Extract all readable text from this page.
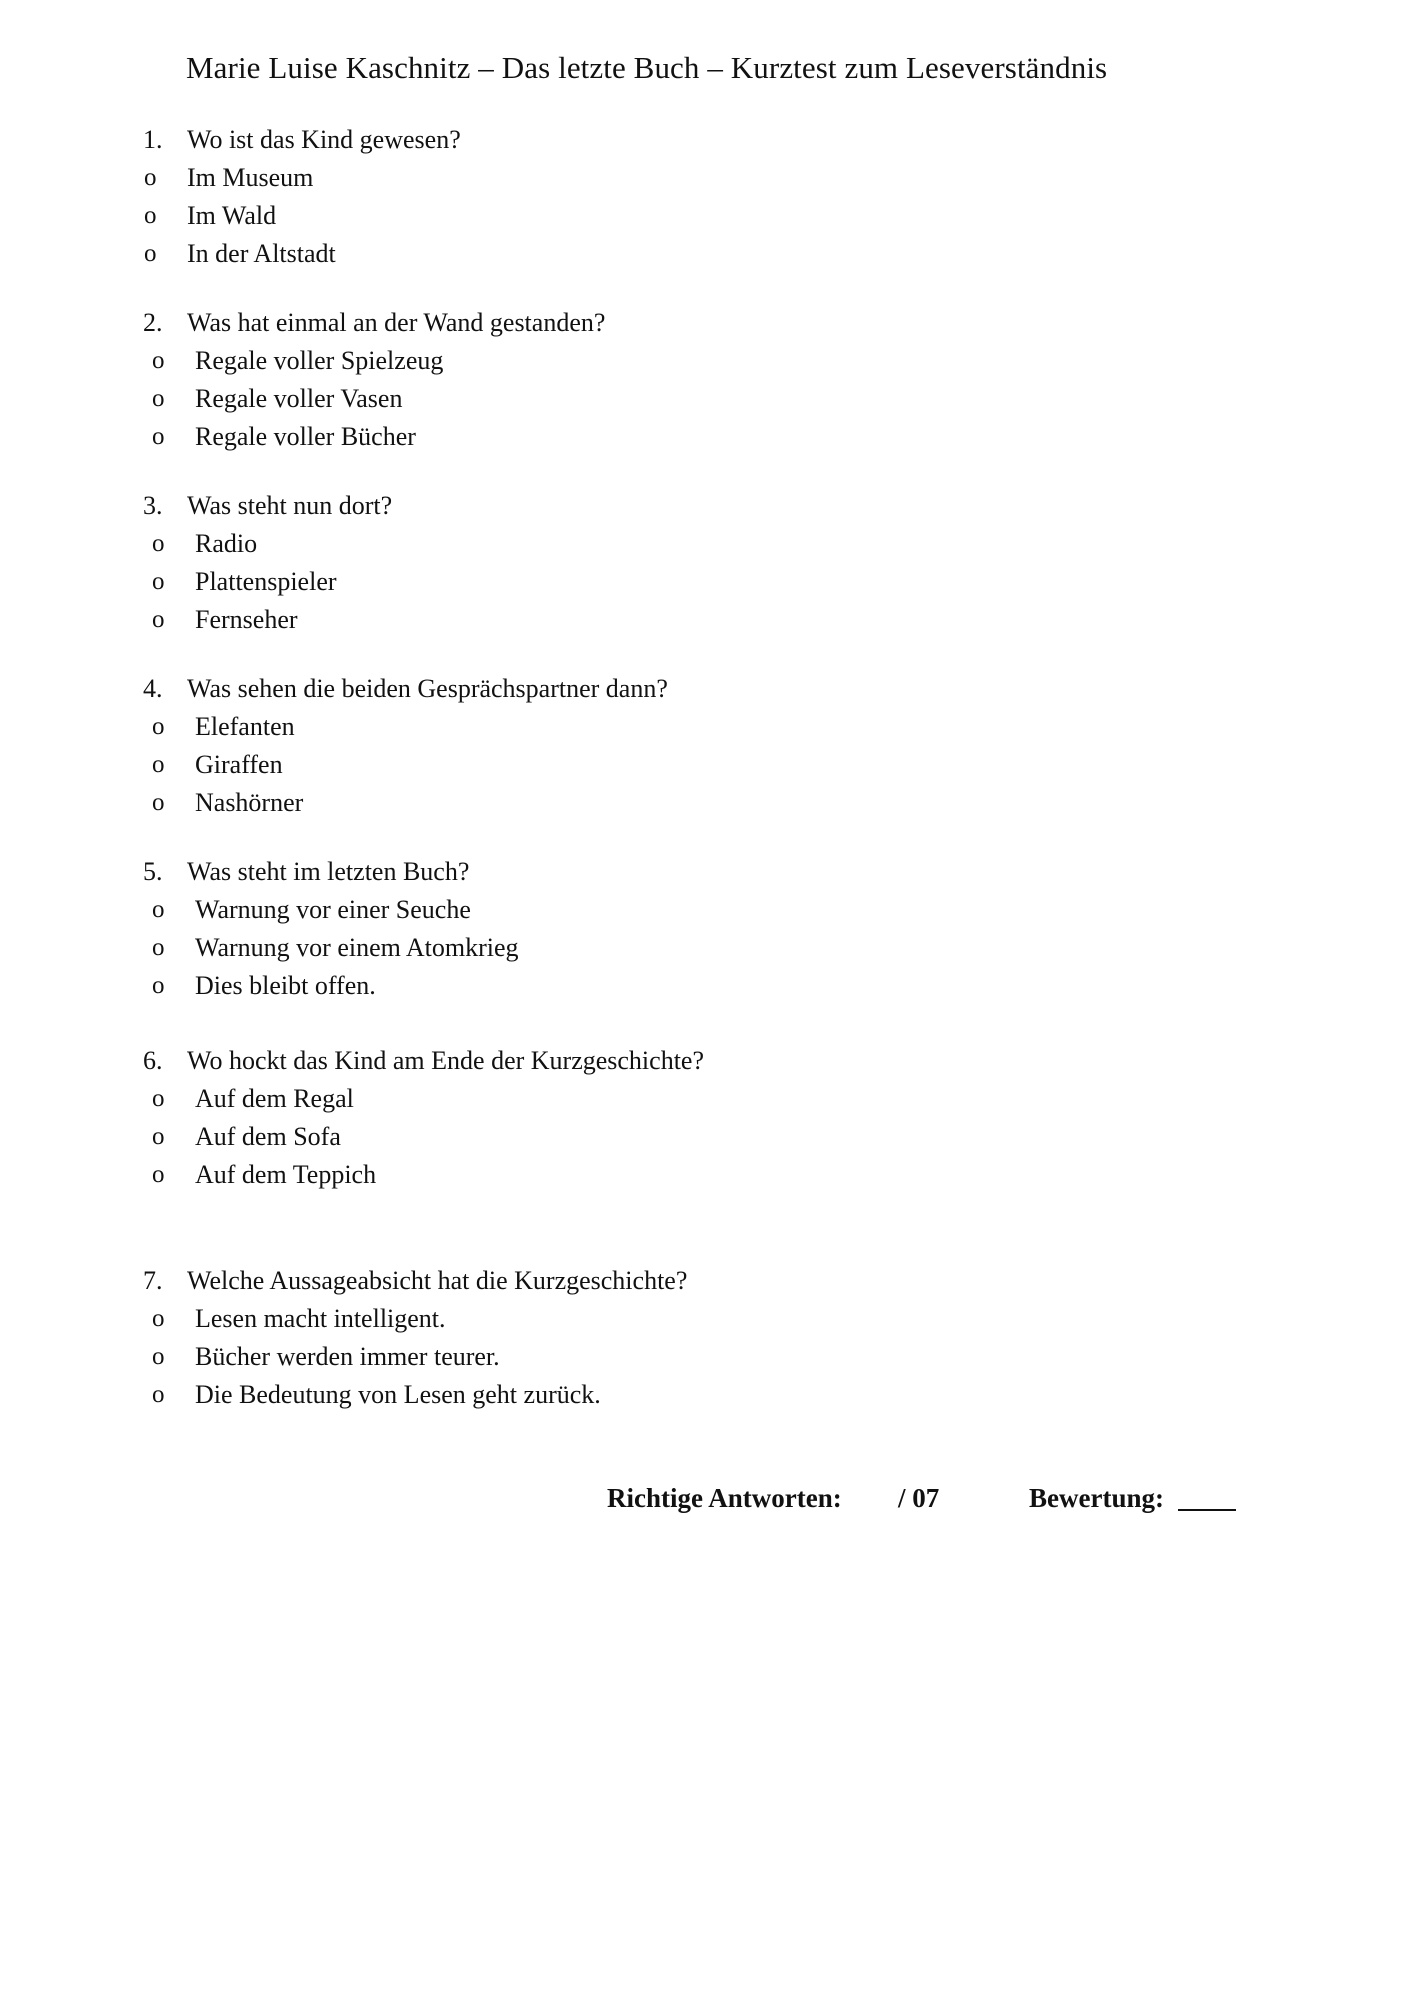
Marie Luise Kaschnitz – Das letzte Buch – Kurztest zum Leseverständnis
1. Wo ist das Kind gewesen?
o Im Museum
o Im Wald
o In der Altstadt
2. Was hat einmal an der Wand gestanden?
o Regale voller Spielzeug
o Regale voller Vasen
o Regale voller Bücher
3. Was steht nun dort?
o Radio
o Plattenspieler
o Fernseher
4. Was sehen die beiden Gesprächspartner dann?
o Elefanten
o Giraffen
o Nashörner
5. Was steht im letzten Buch?
o Warnung vor einer Seuche
o Warnung vor einem Atomkrieg
o Dies bleibt offen.
6. Wo hockt das Kind am Ende der Kurzgeschichte?
o Auf dem Regal
o Auf dem Sofa
o Auf dem Teppich
7. Welche Aussageabsicht hat die Kurzgeschichte?
o Lesen macht intelligent.
o Bücher werden immer teurer.
o Die Bedeutung von Lesen geht zurück.
Richtige Antworten: / 07	Bewertung:
